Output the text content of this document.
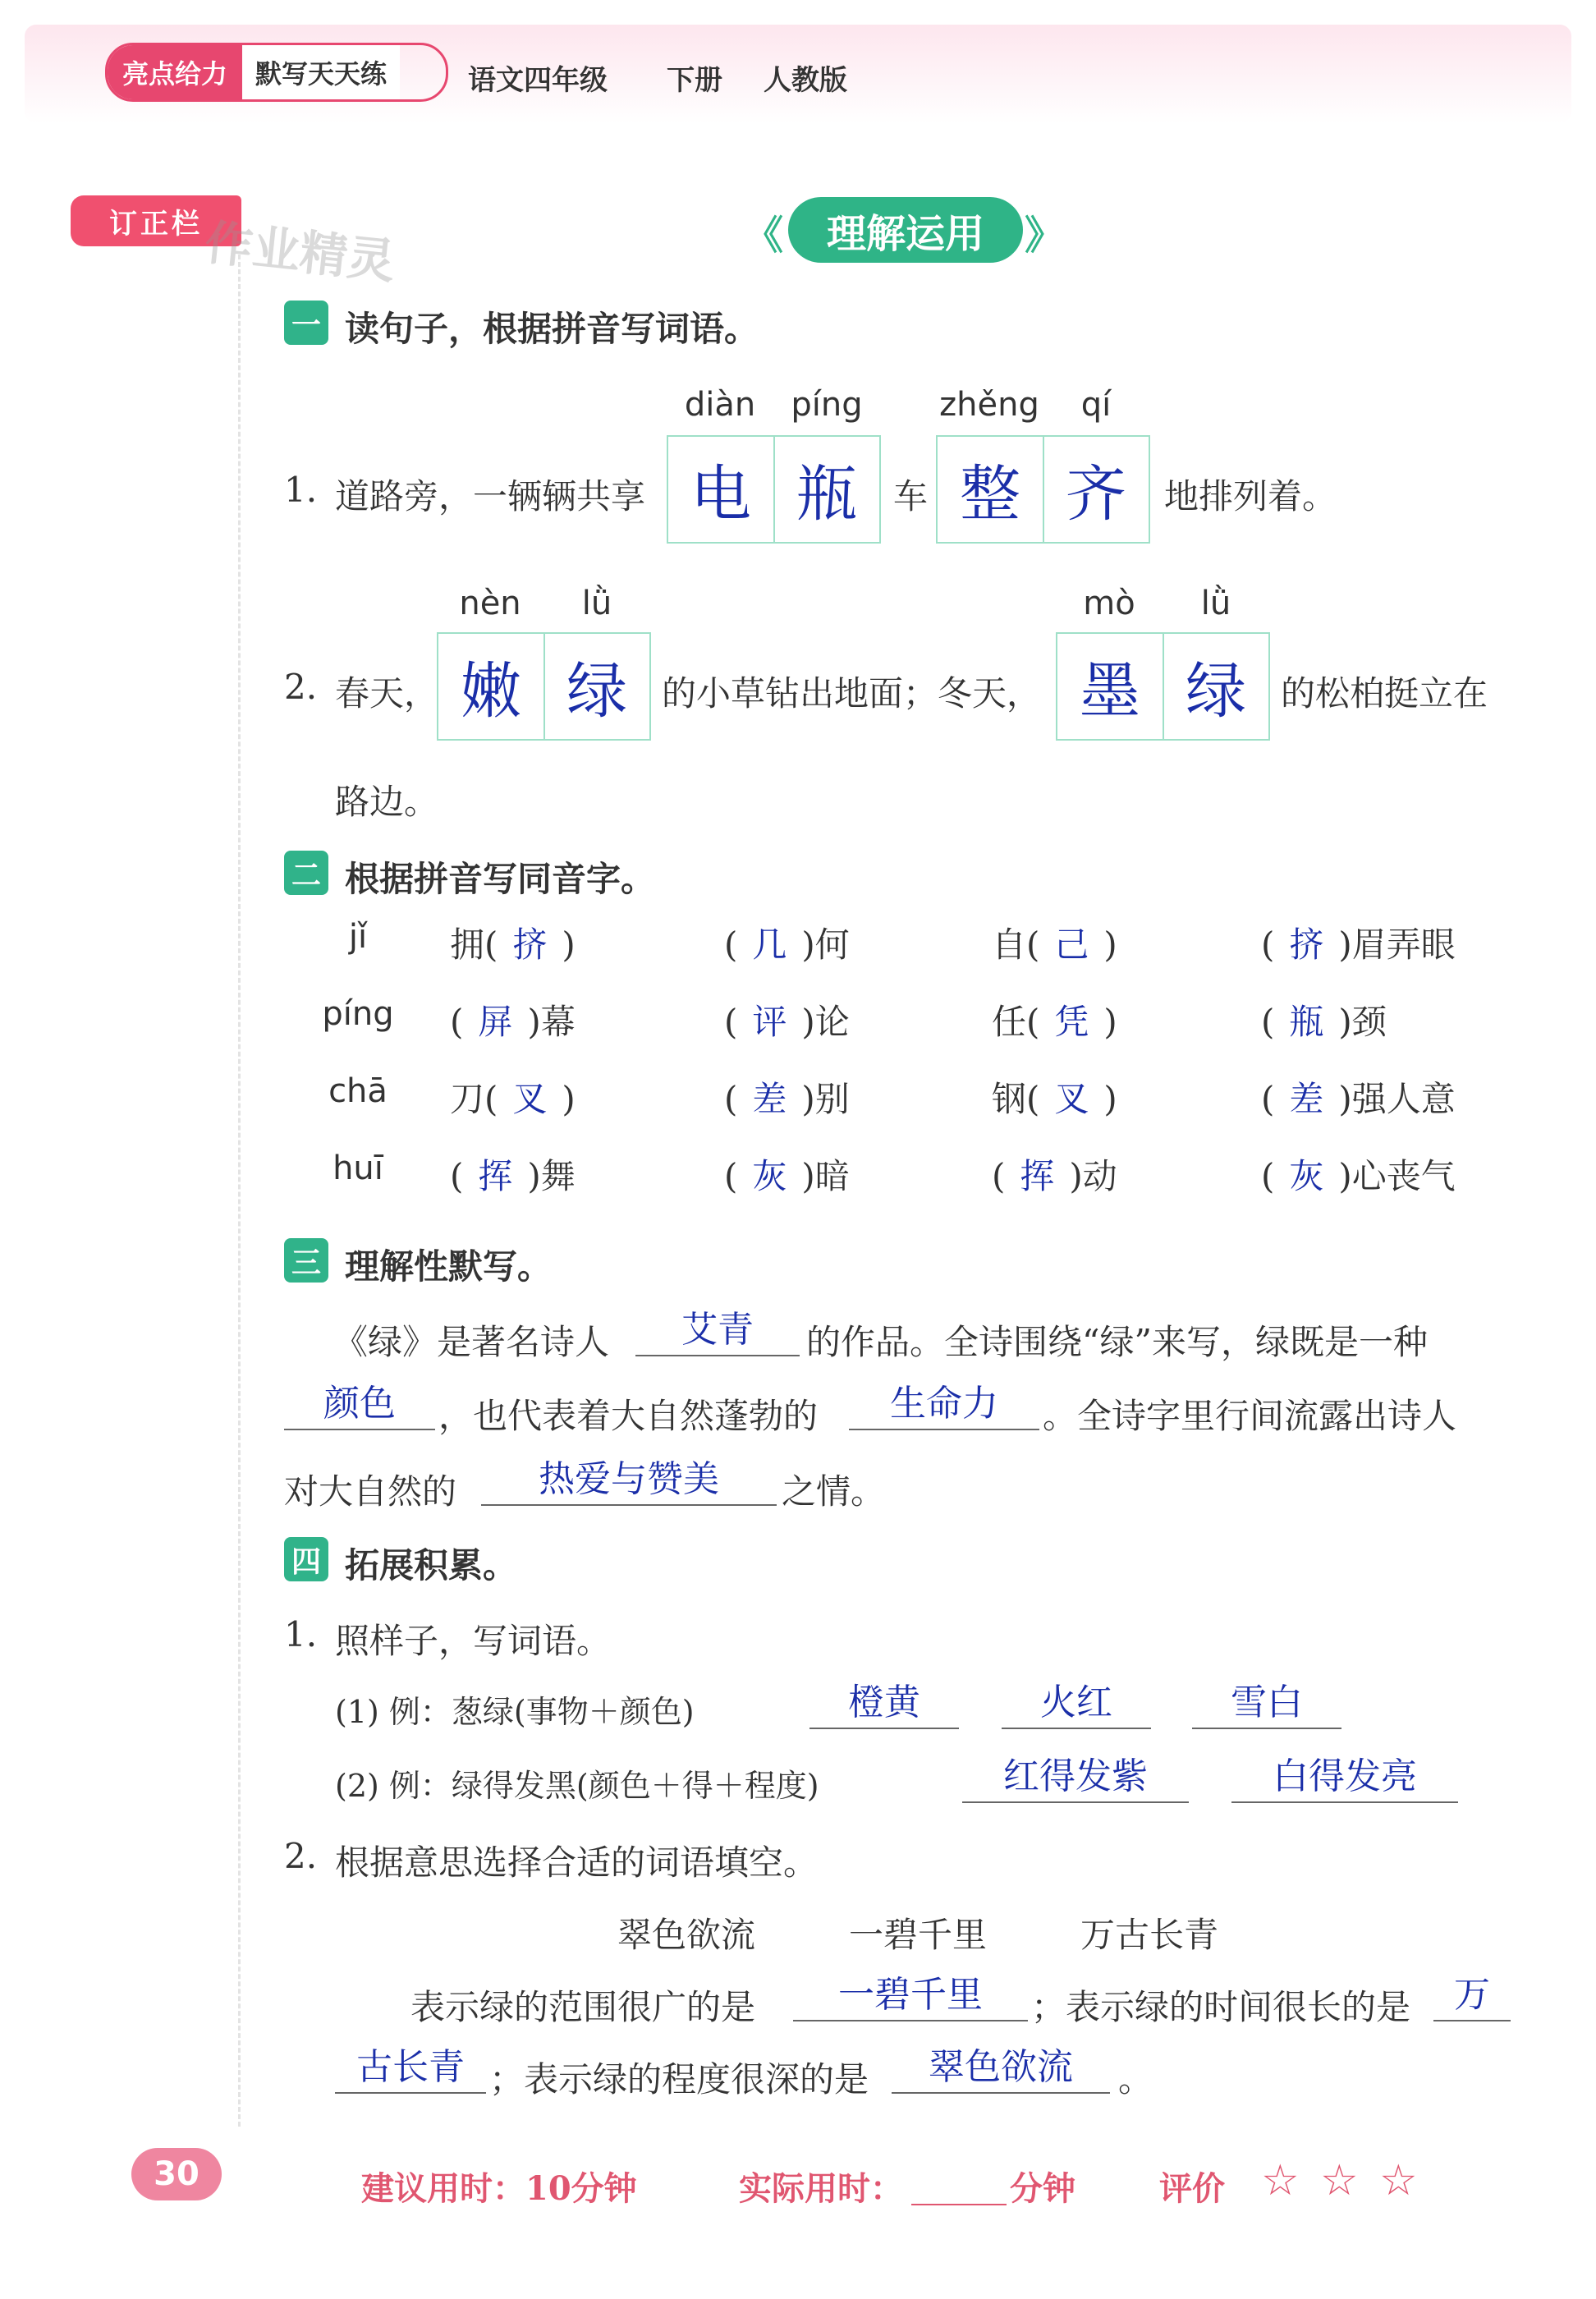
亮点给力	默写天天练	语文四年级 下册 人教版
订正栏 作业精灵	《	理解运用	》
一 读句子，根据拼音写词语。
1. 道路旁，一辆辆共享
diàn	píng
电 瓶	车
zhěng	qí
整 齐	地排列着。
2. 春天，
nèn	lǜ
嫩 绿	的小草钻出地面；冬天，
mò	lǜ
墨 绿	的松柏挺立在
路边。
二 根据拼音写同音字。
jǐ	拥( 挤 )	( 几 )何	自( 己 )	( 挤 )眉弄眼
píng ( 屏 )幕	( 评 )论	任( 凭 )	( 瓶 )颈
chā	刀( 叉 )	( 差 )别	钢( 叉 )	( 差 )强人意
huī	( 挥 )舞	( 灰 )暗	( 挥 )动	( 灰 )心丧气
三 理解性默写。
《绿》是著名诗人	艾青	的作品。全诗围绕“绿”来写，绿既是一种
颜色	，也代表着大自然蓬勃的	生命力	。全诗字里行间流露出诗人
对大自然的	热爱与赞美	之情。
四 拓展积累。
1. 照样子，写词语。
(1) 例：葱绿(事物＋颜色)	橙黄	火红	雪白
(2) 例：绿得发黑(颜色＋得＋程度)	红得发紫	白得发亮
2. 根据意思选择合适的词语填空。
翠色欲流	一碧千里	万古长青
表示绿的范围很广的是	一碧千里	；表示绿的时间很长的是	万
古长青 ；表示绿的程度很深的是	翠色欲流	。
30	建议用时：10分钟	实际用时：	分钟	评价 ☆ ☆ ☆
